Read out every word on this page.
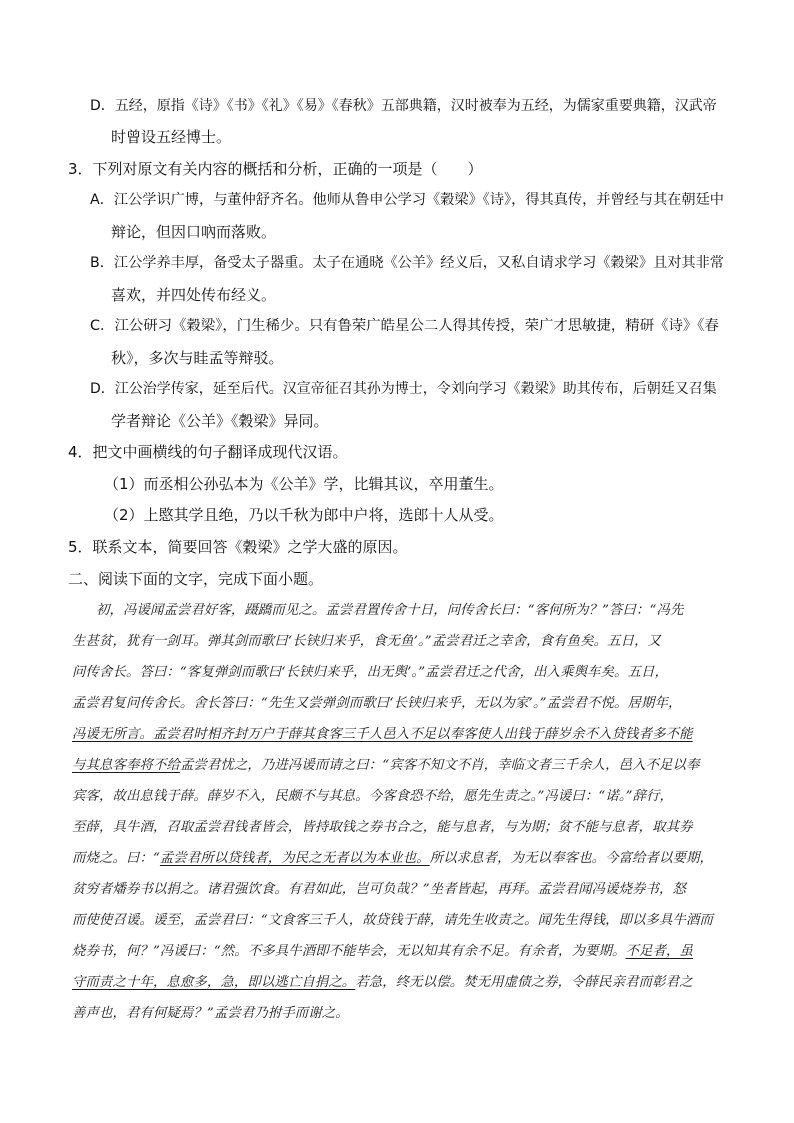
D．五经，原指《诗》《书》《礼》《易》《春秋》五部典籍，汉时被奉为五经，为儒家重要典籍，汉武帝
时曾设五经博士。
3．下列对原文有关内容的概括和分析，正确的一项是（　　）
A．江公学识广博，与董仲舒齐名。他师从鲁申公学习《穀梁》《诗》，得其真传，并曾经与其在朝廷中
辩论，但因口吶而落败。
B．江公学养丰厚，备受太子器重。太子在通晓《公羊》经义后，又私自请求学习《穀梁》且对其非常
喜欢，并四处传布经义。
C．江公研习《穀梁》，门生稀少。只有鲁荣广皓星公二人得其传授，荣广才思敏捷，精研《诗》《春
秋》，多次与眭孟等辩驳。
D．江公治学传家，延至后代。汉宣帝征召其孙为博士，令刘向学习《穀梁》助其传布，后朝廷又召集
学者辩论《公羊》《穀梁》异同。
4．把文中画横线的句子翻译成现代汉语。
（1）而丞相公孙弘本为《公羊》学，比辑其议，卒用董生。
（2）上愍其学且绝，乃以千秋为郎中户将，选郎十人从受。
5．联系文本，简要回答《穀梁》之学大盛的原因。
二、阅读下面的文字，完成下面小题。
初，冯谖闻孟尝君好客，蹑蹻而见之。孟尝君置传舍十日，问传舍长曰：“客何所为？”答曰：“冯先
生甚贫，犹有一剑耳。弹其剑而歌曰‘长铗归来乎，食无鱼’。”孟尝君迁之幸舍，食有鱼矣。五日，又
问传舍长。答曰：“客复弹剑而歌曰‘长铗归来乎，出无舆’。”孟尝君迁之代舍，出入乘舆车矣。五日，
孟尝君复问传舍长。舍长答曰：“先生又尝弹剑而歌曰‘长铗归来乎，无以为家’。”孟尝君不悦。居期年，
冯谖无所言。孟尝君时相齐封万户于薛其食客三千人邑入不足以奉客使人出钱于薛岁余不入贷钱者多不能
与其息客奉将不给孟尝君忧之，乃进冯谖而请之曰：“宾客不知文不肖，幸临文者三千余人，邑入不足以奉
宾客，故出息钱于薛。薛岁不入，民颇不与其息。今客食恐不给，愿先生责之。”冯谖曰：“诺。”辞行，
至薛，具牛酒，召取孟尝君钱者皆会，皆持取钱之券书合之，能与息者，与为期；贫不能与息者，取其券
而烧之。曰：“孟尝君所以贷钱者，为民之无者以为本业也。所以求息者，为无以奉客也。今富给者以要期，
贫穷者燔券书以捐之。诸君强饮食。有君如此，岂可负哉？”坐者皆起，再拜。孟尝君闻冯谖烧券书，怒
而使使召谖。谖至，孟尝君曰：“文食客三千人，故贷钱于薛，请先生收责之。闻先生得钱，即以多具牛酒而
烧券书，何？”冯谖曰：“然。不多具牛酒即不能毕会，无以知其有余不足。有余者，为要期。不足者，虽
守而责之十年，息愈多，急，即以逃亡自捐之。若急，终无以偿。焚无用虚债之券，令薛民亲君而彰君之
善声也，君有何疑焉？”孟尝君乃拊手而谢之。
